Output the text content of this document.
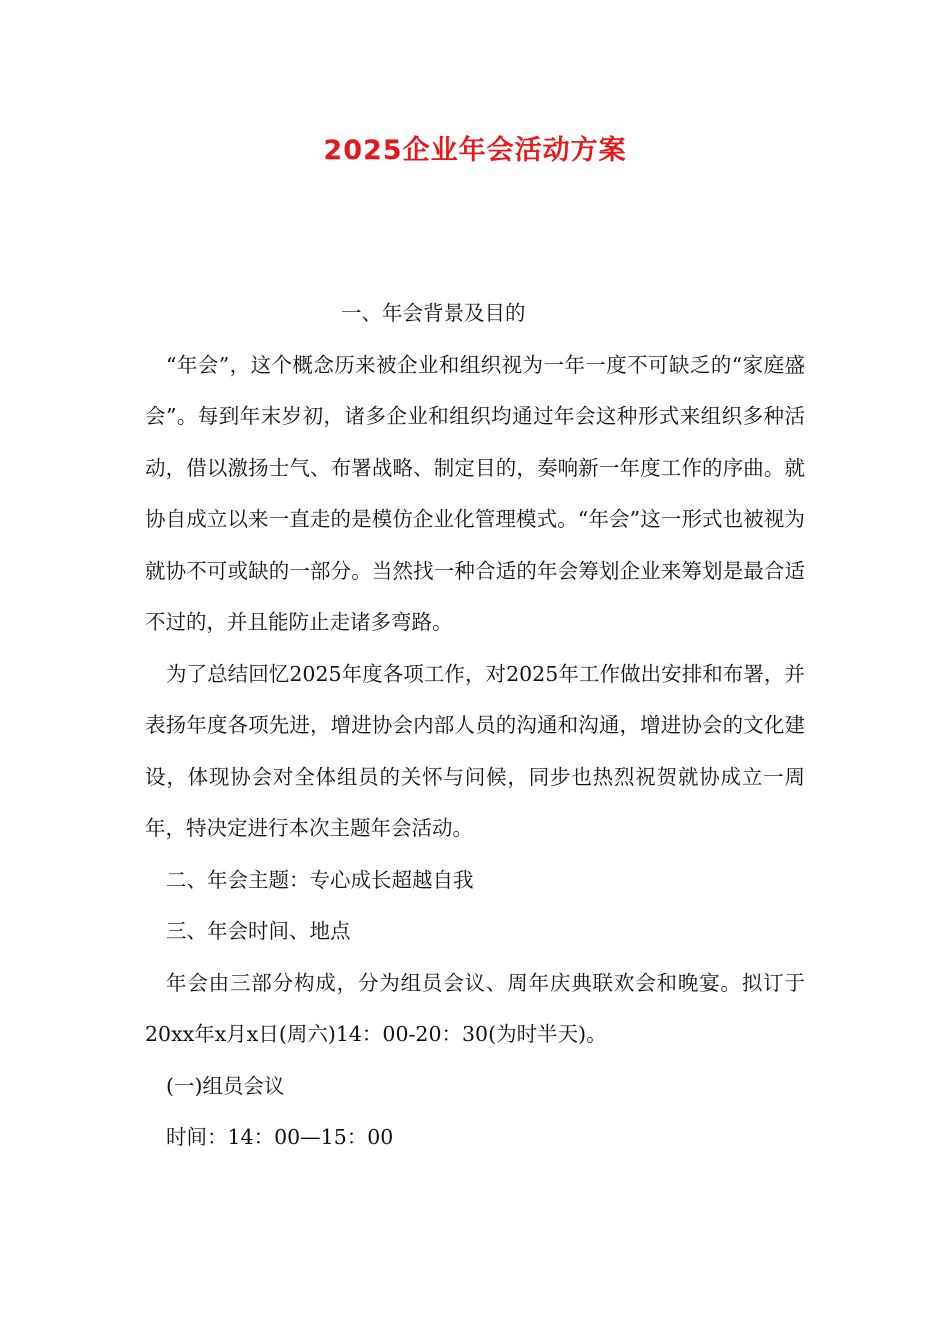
2025企业年会活动方案

一、年会背景及目的

“年会”，这个概念历来被企业和组织视为一年一度不可缺乏的“家庭盛会”。每到年末岁初，诸多企业和组织均通过年会这种形式来组织多种活动，借以激扬士气、布署战略、制定目的，奏响新一年度工作的序曲。就协自成立以来一直走的是模仿企业化管理模式。“年会”这一形式也被视为就协不可或缺的一部分。当然找一种合适的年会筹划企业来筹划是最合适不过的，并且能防止走诸多弯路。

为了总结回忆2025年度各项工作，对2025年工作做出安排和布署，并表扬年度各项先进，增进协会内部人员的沟通和沟通，增进协会的文化建设，体现协会对全体组员的关怀与问候，同步也热烈祝贺就协成立一周年，特决定进行本次主题年会活动。

二、年会主题：专心成长超越自我

三、年会时间、地点

年会由三部分构成，分为组员会议、周年庆典联欢会和晚宴。拟订于20xx年x月x日(周六)14：00-20：30(为时半天)。

(一)组员会议

时间：14：00—15：00
